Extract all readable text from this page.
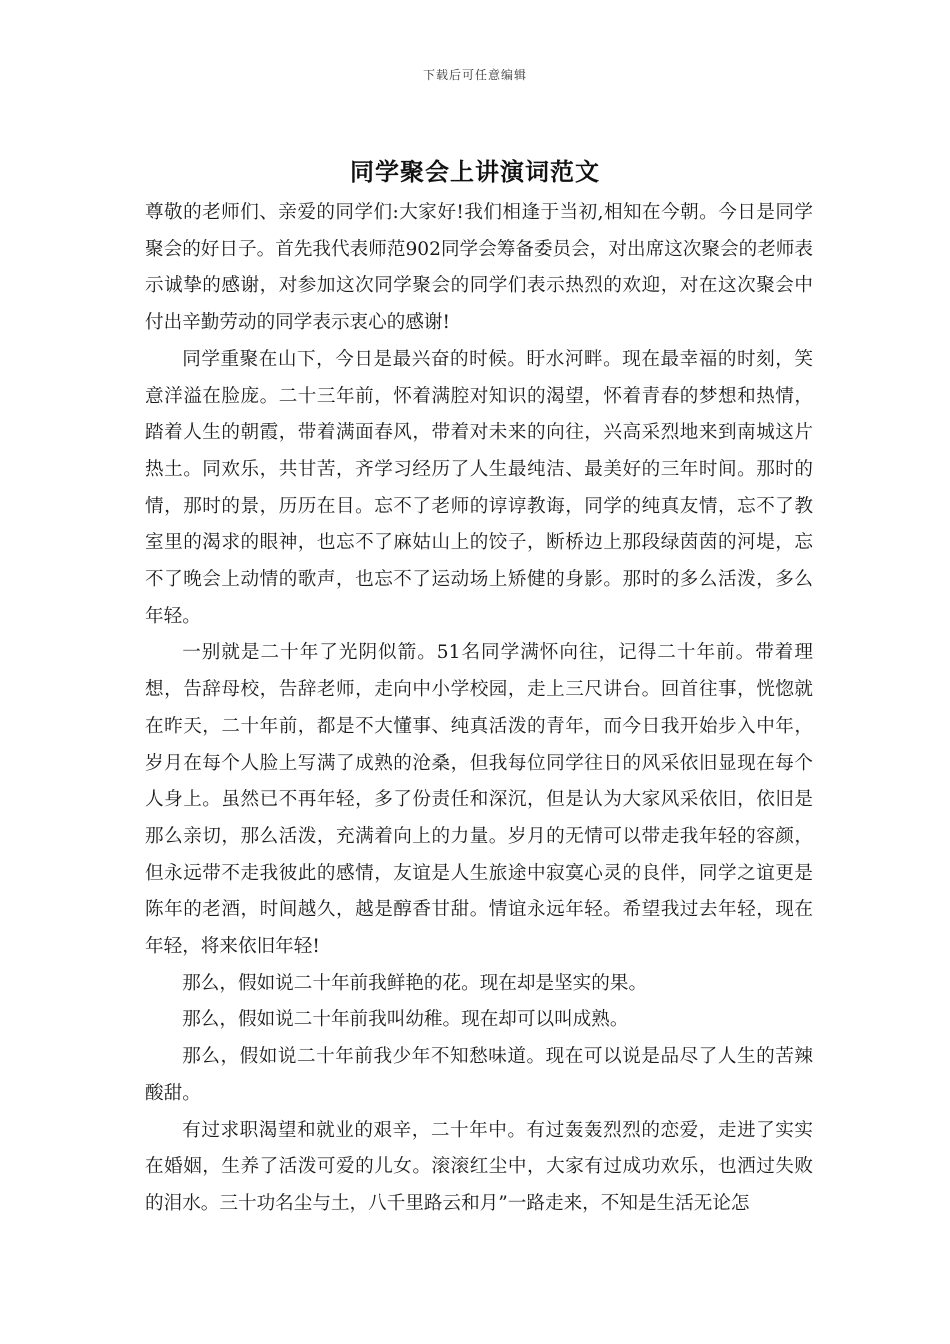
下载后可任意编辑
同学聚会上讲演词范文

尊敬的老师们、亲爱的同学们:大家好!我们相逢于当初,相知在今朝。今日是同学聚会的好日子。首先我代表师范902同学会筹备委员会，对出席这次聚会的老师表示诚挚的感谢，对参加这次同学聚会的同学们表示热烈的欢迎，对在这次聚会中付出辛勤劳动的同学表示衷心的感谢!

同学重聚在山下，今日是最兴奋的时候。盱水河畔。现在最幸福的时刻，笑意洋溢在脸庞。二十三年前，怀着满腔对知识的渴望，怀着青春的梦想和热情，踏着人生的朝霞，带着满面春风，带着对未来的向往，兴高采烈地来到南城这片热土。同欢乐，共甘苦，齐学习经历了人生最纯洁、最美好的三年时间。那时的情，那时的景，历历在目。忘不了老师的谆谆教诲，同学的纯真友情，忘不了教室里的渴求的眼神，也忘不了麻姑山上的饺子，断桥边上那段绿茵茵的河堤，忘不了晚会上动情的歌声，也忘不了运动场上矫健的身影。那时的多么活泼，多么年轻。

一别就是二十年了光阴似箭。51名同学满怀向往，记得二十年前。带着理想，告辞母校，告辞老师，走向中小学校园，走上三尺讲台。回首往事，恍惚就在昨天，二十年前，都是不大懂事、纯真活泼的青年，而今日我开始步入中年，岁月在每个人脸上写满了成熟的沧桑，但我每位同学往日的风采依旧显现在每个人身上。虽然已不再年轻，多了份责任和深沉，但是认为大家风采依旧，依旧是那么亲切，那么活泼，充满着向上的力量。岁月的无情可以带走我年轻的容颜，但永远带不走我彼此的感情，友谊是人生旅途中寂寞心灵的良伴，同学之谊更是陈年的老酒，时间越久，越是醇香甘甜。情谊永远年轻。希望我过去年轻，现在年轻，将来依旧年轻!

那么，假如说二十年前我鲜艳的花。现在却是坚实的果。

那么，假如说二十年前我叫幼稚。现在却可以叫成熟。

那么，假如说二十年前我少年不知愁味道。现在可以说是品尽了人生的苦辣酸甜。

有过求职渴望和就业的艰辛，二十年中。有过轰轰烈烈的恋爱，走进了实实在婚姻，生养了活泼可爱的儿女。滚滚红尘中，大家有过成功欢乐，也洒过失败的泪水。三十功名尘与土，八千里路云和月”一路走来，不知是生活无论怎
